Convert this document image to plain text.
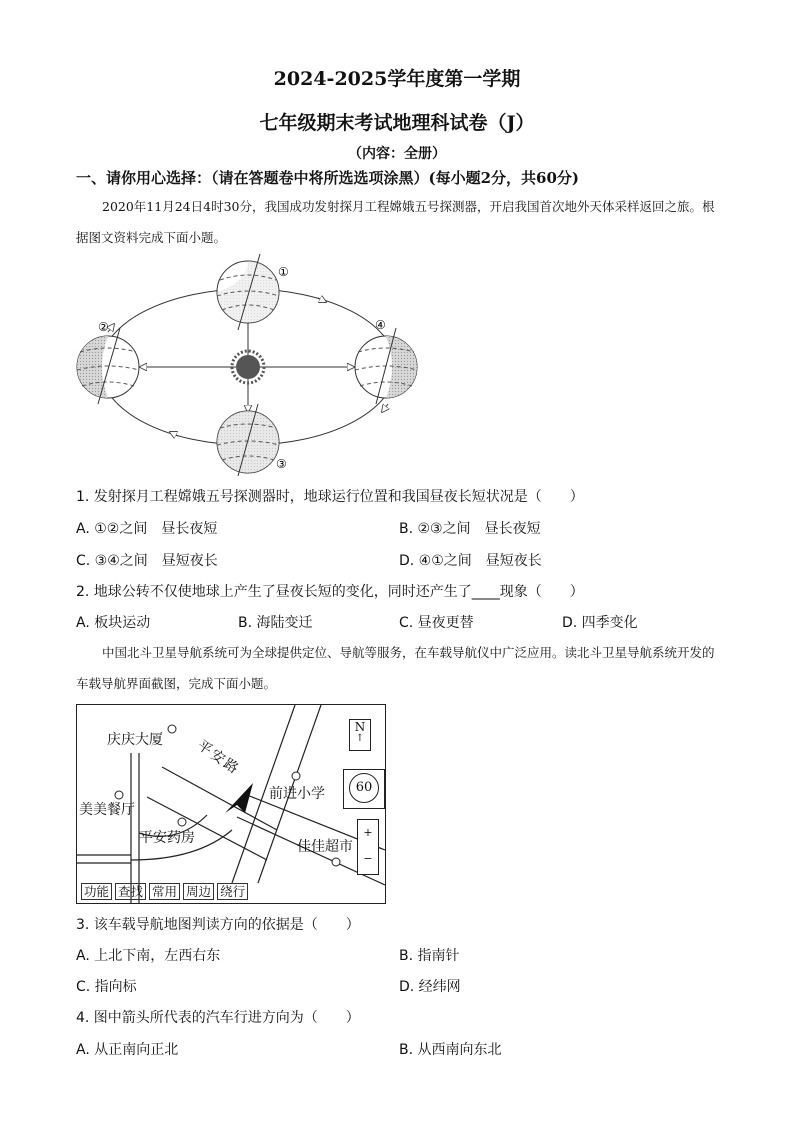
2024-2025学年度第一学期
七年级期末考试地理科试卷（J）
（内容：全册）
一、请你用心选择：（请在答题卷中将所选选项涂黑）(每小题2分，共60分)
2020年11月24日4时30分，我国成功发射探月工程嫦娥五号探测器，开启我国首次地外天体采样返回之旅。根据图文资料完成下面小题。
①
②	④
③
1. 发射探月工程嫦娥五号探测器时，地球运行位置和我国昼夜长短状况是（　　）
A. ①②之间　昼长夜短	B. ②③之间　昼长夜短
C. ③④之间　昼短夜长	D. ④①之间　昼短夜长
2. 地球公转不仅使地球上产生了昼夜长短的变化，同时还产生了____现象（　　）
A. 板块运动	B. 海陆变迁	C. 昼夜更替	D. 四季变化
中国北斗卫星导航系统可为全球提供定位、导航等服务，在车载导航仪中广泛应用。读北斗卫星导航系统开发的车载导航界面截图，完成下面小题。
庆庆大厦
美美餐厅
平安药房
前进小学
佳佳超市
平安路
N
↑
60
+
−
功能 查找 常用 周边 绕行
3. 该车载导航地图判读方向的依据是（　　）
A. 上北下南，左西右东	B. 指南针
C. 指向标	D. 经纬网
4. 图中箭头所代表的汽车行进方向为（　　）
A. 从正南向正北	B. 从西南向东北
